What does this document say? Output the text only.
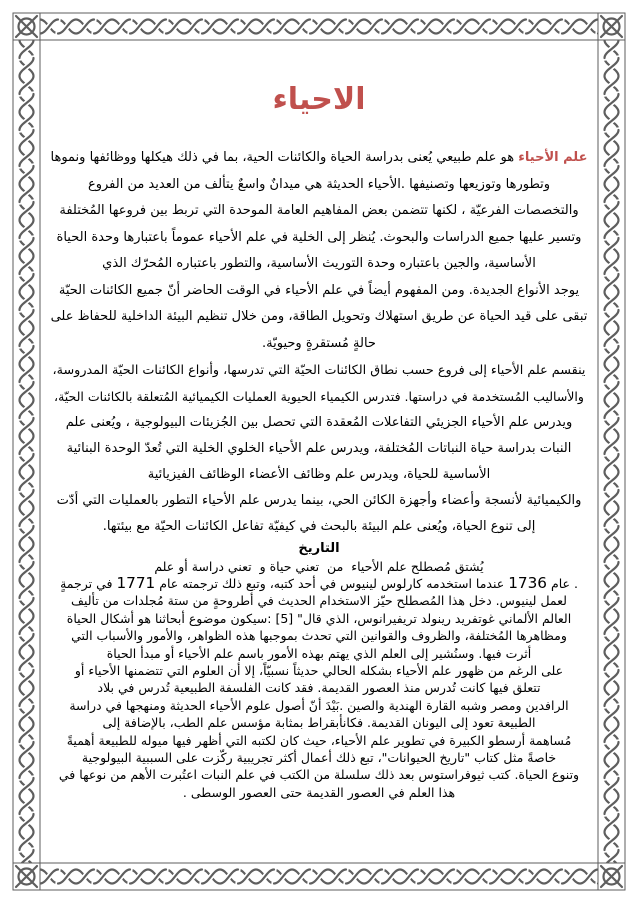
الاحياء
علم الأحياء هو علم طبيعي يُعنى بدراسة الحياة والكائنات الحية، بما في ذلك هيكلها ووظائفها ونموها
وتطورها وتوزيعها وتصنيفها .الأحياء الحديثة هي ميدانٌ واسعٌ يتألف من العديد من الفروع
والتخصصات الفرعيّة ، لكنها تتضمن بعض المفاهيم العامة الموحدة التي تربط بين فروعها المُختلفة
وتسير عليها جميع الدراسات والبحوث. يُنظر إلى الخلية في علم الأحياء عموماً باعتبارها وحدة الحياة
الأساسية، والجين باعتباره وحدة التوريث الأساسية، والتطور باعتباره المُحرّك الذي
يوجد الأنواع الجديدة. ومن المفهوم أيضاً في علم الأحياء في الوقت الحاضر أنّ جميع الكائنات الحيّة
تبقى على قيد الحياة عن طريق استهلاك وتحويل الطاقة، ومن خلال تنظيم البيئة الداخلية للحفاظ على
حالةٍ مُستقرةٍ وحيويّة.
ينقسم علم الأحياء إلى فروع حسب نطاق الكائنات الحيّة التي تدرسها، وأنواع الكائنات الحيّة المدروسة،
والأساليب المُستخدمة في دراستها. فتدرس الكيمياء الحيوية العمليات الكيميائية المُتعلقة بالكائنات الحيّة،
ويدرس علم الأحياء الجزيئي التفاعلات المُعقدة التي تحصل بين الجُزيئات البيولوجية ، ويُعنى علم
النبات بدراسة حياة النباتات المُختلفة، ويدرس علم الأحياء الخلوي الخلية التي تُعدّ الوحدة البنائية
الأساسية للحياة، ويدرس علم وظائف الأعضاء الوظائف الفيزيائية
والكيميائية لأنسجة وأعضاء وأجهزة الكائن الحي، بينما يدرس علم الأحياء التطور بالعمليات التي أدّت
إلى تنوع الحياة، ويُعنى علم البيئة بالبحث في كيفيّة تفاعل الكائنات الحيّة مع بيئتها.
التاريخ
يُشتق مُصطلح علم الأحياء  من  تعني حياة و  تعني دراسة أو علم
. عام 1736 عندما استخدمه كارلوس لينيوس في أحد كتبه، وتبع ذلك ترجمته عام 1771 في ترجمةٍ
لعمل لينيوس. دخل هذا المُصطلح حيّز الاستخدام الحديث في أطروحةٍ من ستة مُجلدات من تأليف
العالم الألماني غوتفريد رينولد تريفيرانوس، الذي قال" [5] :سيكون موضوع أبحاثنا هو أشكال الحياة
ومظاهرها المُختلفة، والظروف والقوانين التي تحدث بموجبها هذه الظواهر، والأمور والأسباب التي
أثرت فيها. وسنُشير إلى العلم الذي يهتم بهذه الأمور باسم علم الأحياء أو مبدأ الحياة
على الرغم من ظهور علم الأحياء بشكله الحالي حديثاً نسبيّاً، إلا أن العلوم التي تتضمنها الأحياء أو
تتعلق فيها كانت تُدرس منذ العصور القديمة. فقد كانت الفلسفة الطبيعية تُدرس في بلاد
الرافدين ومصر وشبه القارة الهندية والصين .بَيْدَ أنّ أصول علوم الأحياء الحديثة ومنهجها في دراسة
الطبيعة تعود إلى اليونان القديمة. فكانأبقراط بمثابة مؤسس علم الطب، بالإضافة إلى
مُساهمة أرسطو الكبيرة في تطوير علم الأحياء، حيث كان لكتبه التي أظهر فيها ميوله للطبيعة أهميةً
خاصةً مثل كتاب "تاريخ الحيوانات"، تبع ذلك أعمال أكثر تجريبية ركّزت على السببية البيولوجية
وتنوع الحياة. كتب ثيوفراستوس بعد ذلك سلسلة من الكتب في علم النبات اعتُبرت الأهم من نوعها في
هذا العلم في العصور القديمة حتى العصور الوسطى .
